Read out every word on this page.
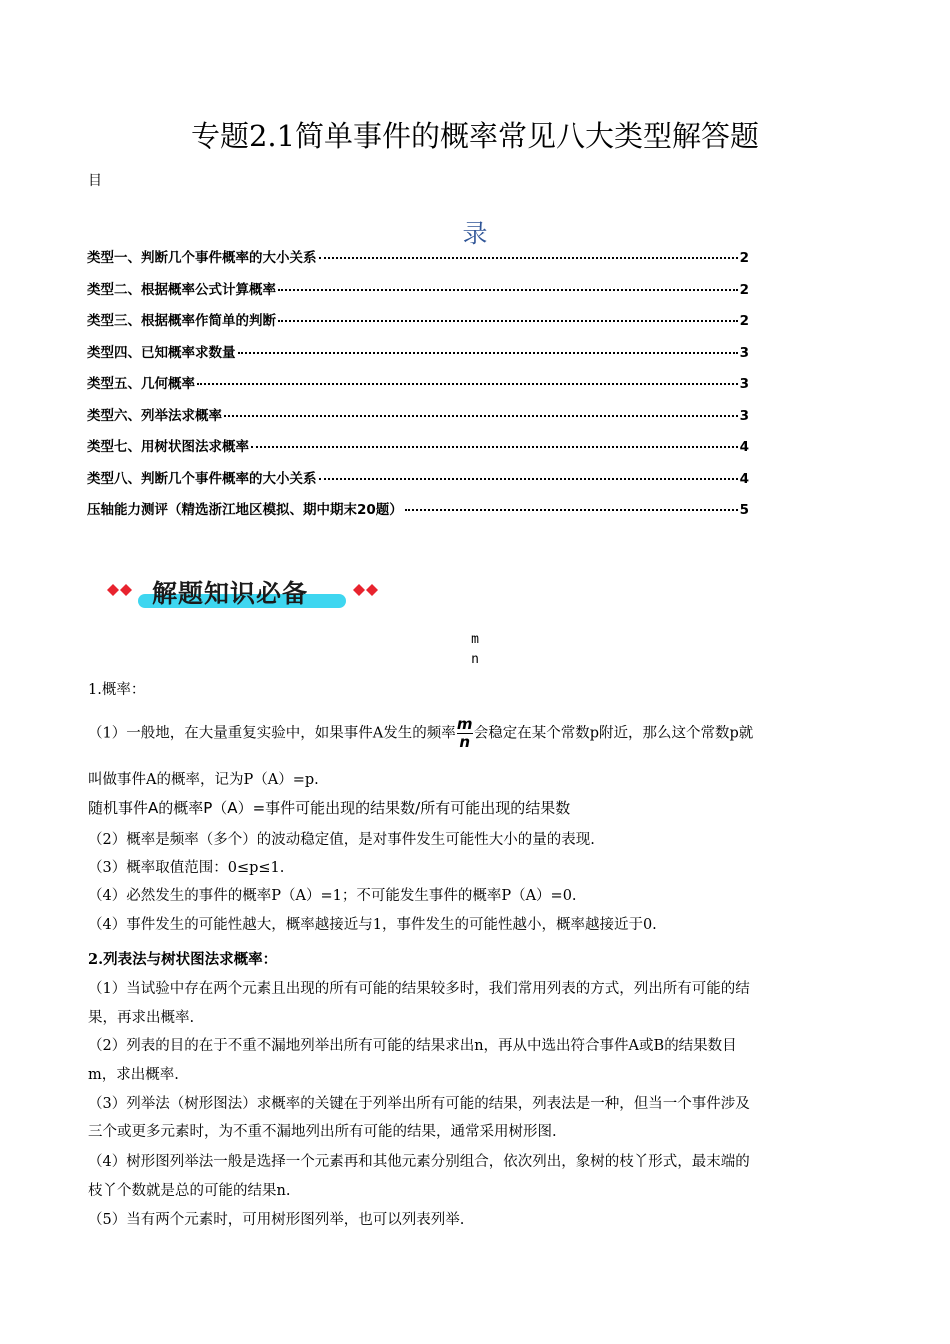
专题2.1简单事件的概率常见八大类型解答题
目
录
类型一、判断几个事件概率的大小关系	2
类型二、根据概率公式计算概率	2
类型三、根据概率作简单的判断	2
类型四、已知概率求数量	3
类型五、几何概率	3
类型六、列举法求概率	3
类型七、用树状图法求概率	4
类型八、判断几个事件概率的大小关系	4
压轴能力测评（精选浙江地区模拟、期中期末20题）	5
解题知识必备
m
n
1.概率：
（1）一般地，在大量重复实验中，如果事件A发生的频率 $\frac{m}{n}$ 会稳定在某个常数p附近，那么这个常数p就
叫做事件A的概率，记为P（A）=p.
随机事件A的概率P（A）=事件可能出现的结果数/所有可能出现的结果数
（2）概率是频率（多个）的波动稳定值，是对事件发生可能性大小的量的表现.
（3）概率取值范围：0≤p≤1.
（4）必然发生的事件的概率P（A）=1；不可能发生事件的概率P（A）=0.
（4）事件发生的可能性越大，概率越接近与1，事件发生的可能性越小，概率越接近于0.
2.列表法与树状图法求概率：
（1）当试验中存在两个元素且出现的所有可能的结果较多时，我们常用列表的方式，列出所有可能的结
果，再求出概率.
（2）列表的目的在于不重不漏地列举出所有可能的结果求出n，再从中选出符合事件A或B的结果数目
m，求出概率.
（3）列举法（树形图法）求概率的关键在于列举出所有可能的结果，列表法是一种，但当一个事件涉及
三个或更多元素时，为不重不漏地列出所有可能的结果，通常采用树形图.
（4）树形图列举法一般是选择一个元素再和其他元素分别组合，依次列出，象树的枝丫形式，最末端的
枝丫个数就是总的可能的结果n.
（5）当有两个元素时，可用树形图列举，也可以列表列举.
